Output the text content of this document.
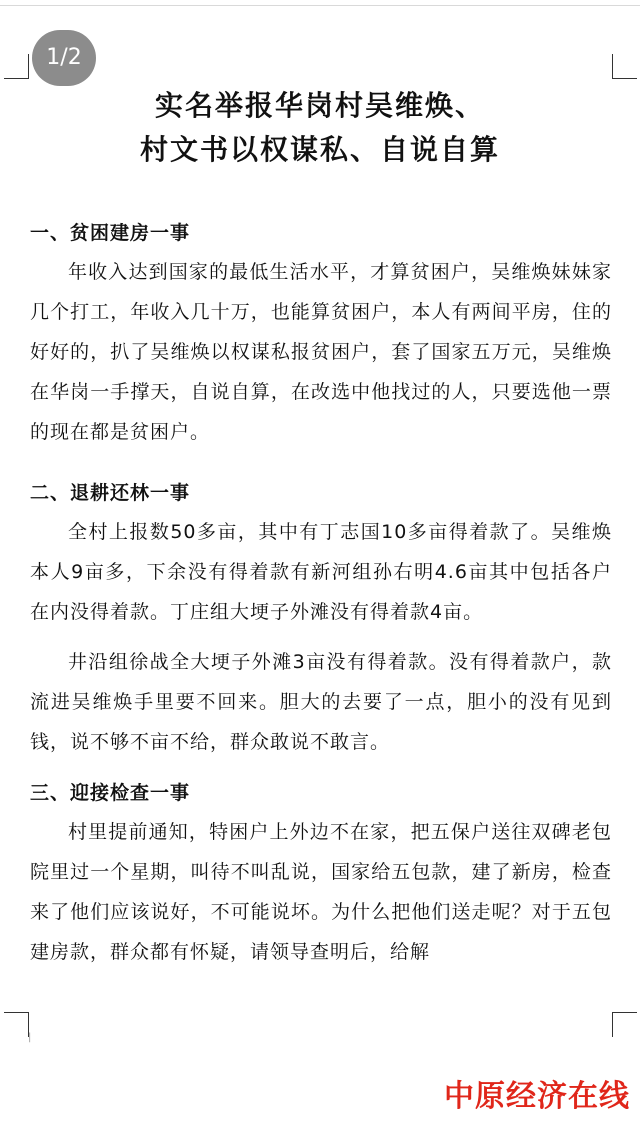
1/2
实名举报华岗村吴维焕、
村文书以权谋私、自说自算
一、贫困建房一事

年收入达到国家的最低生活水平，才算贫困户，吴维焕妹妹家几个打工，年收入几十万，也能算贫困户，本人有两间平房，住的好好的，扒了吴维焕以权谋私报贫困户，套了国家五万元，吴维焕在华岗一手撑天，自说自算，在改选中他找过的人，只要选他一票的现在都是贫困户。

二、退耕还林一事

全村上报数50多亩，其中有丁志国10多亩得着款了。吴维焕本人9亩多，下余没有得着款有新河组孙右明4.6亩其中包括各户在内没得着款。丁庄组大埂子外滩没有得着款4亩。

井沿组徐战全大埂子外滩3亩没有得着款。没有得着款户，款流进吴维焕手里要不回来。胆大的去要了一点，胆小的没有见到钱，说不够不亩不给，群众敢说不敢言。

三、迎接检查一事

村里提前通知，特困户上外边不在家，把五保户送往双碑老包院里过一个星期，叫待不叫乱说，国家给五包款，建了新房，检查来了他们应该说好，不可能说坏。为什么把他们送走呢？对于五包建房款，群众都有怀疑，请领导查明后，给解

|
中原经济在线
